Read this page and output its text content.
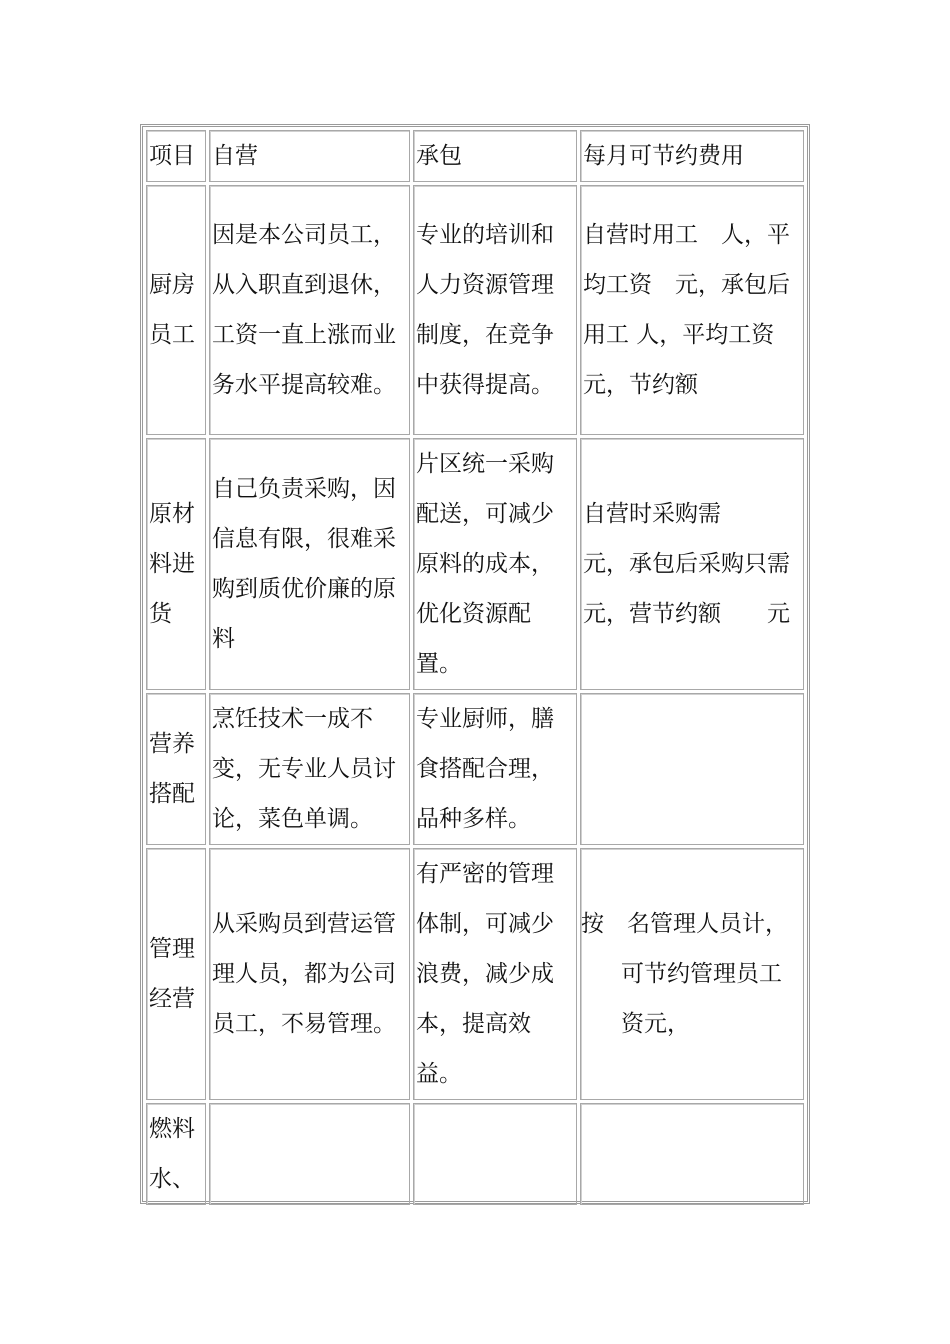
项目	自营	承包	每月可节约费用
厨房员工	因是本公司员工，从入职直到退休，工资一直上涨而业务水平提高较难。	专业的培训和人力资源管理制度，在竞争中获得提高。	自营时用工　人，平均工资　元，承包后用工 人，平均工资　　元，节约额
原材料进货	自己负责采购，因信息有限，很难采购到质优价廉的原料	片区统一采购配送，可减少原料的成本，优化资源配置。	自营时采购需　　元，承包后采购只需 元，营节约额　　元
营养搭配	烹饪技术一成不变，无专业人员讨论，菜色单调。	专业厨师，膳食搭配合理，品种多样。	
管理经营	从采购员到营运管理人员，都为公司员工，不易管理。	有严密的管理体制，可减少浪费，减少成本，提高效益。	按　名管理人员计，可节约管理员工资元，
燃料水、			
